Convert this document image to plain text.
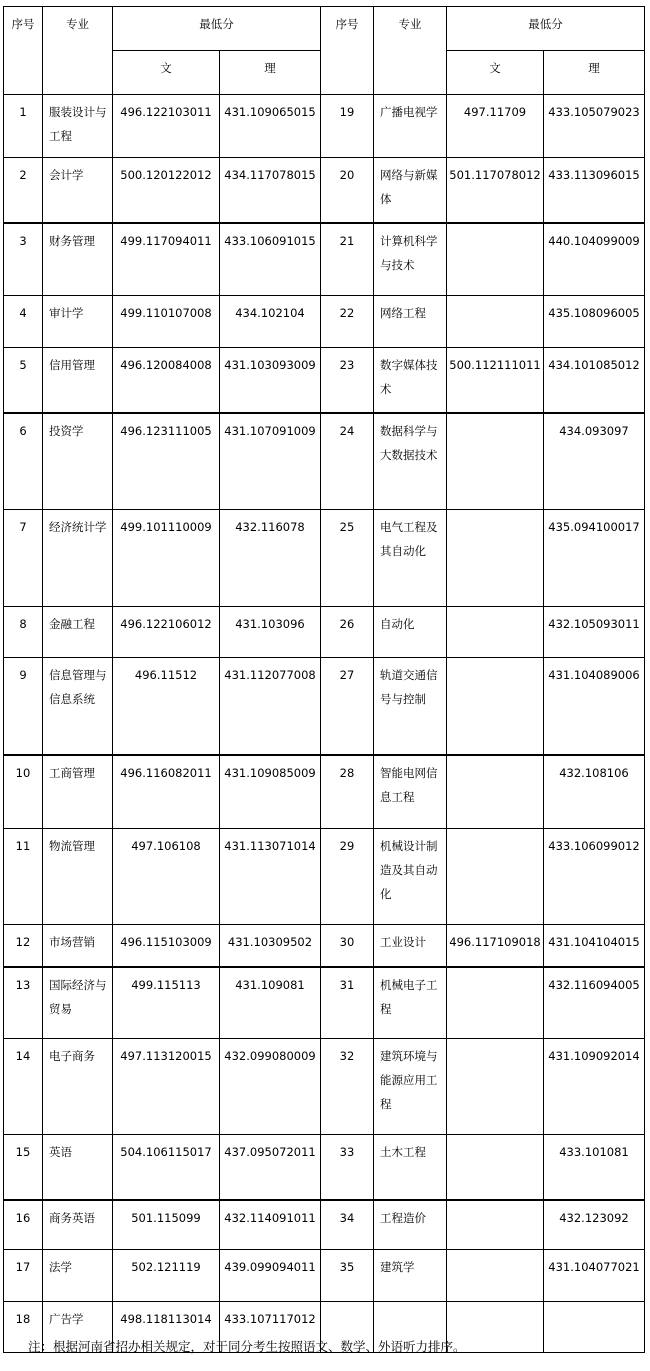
序号	专业	最低分		序号	专业	最低分	
		文	理			文	理
1	服装设计与工程	496.122103011	431.109065015	19	广播电视学	497.11709	433.105079023
2	会计学	500.120122012	434.117078015	20	网络与新媒体	501.117078012	433.113096015
3	财务管理	499.117094011	433.106091015	21	计算机科学与技术		440.104099009
4	审计学	499.110107008	434.102104	22	网络工程		435.108096005
5	信用管理	496.120084008	431.103093009	23	数字媒体技术	500.112111011	434.101085012
6	投资学	496.123111005	431.107091009	24	数据科学与大数据技术		434.093097
7	经济统计学	499.101110009	432.116078	25	电气工程及其自动化		435.094100017
8	金融工程	496.122106012	431.103096	26	自动化		432.105093011
9	信息管理与信息系统	496.11512	431.112077008	27	轨道交通信号与控制		431.104089006
10	工商管理	496.116082011	431.109085009	28	智能电网信息工程		432.108106
11	物流管理	497.106108	431.113071014	29	机械设计制造及其自动化		433.106099012
12	市场营销	496.115103009	431.10309502	30	工业设计	496.117109018	431.104104015
13	国际经济与贸易	499.115113	431.109081	31	机械电子工程		432.116094005
14	电子商务	497.113120015	432.099080009	32	建筑环境与能源应用工程		431.109092014
15	英语	504.106115017	437.095072011	33	土木工程		433.101081
16	商务英语	501.115099	432.114091011	34	工程造价		432.123092
17	法学	502.121119	439.099094011	35	建筑学		431.104077021
18	广告学	498.118113014	433.107117012				
注：根据河南省招办相关规定，对于同分考生按照语文、数学、外语听力排序。
